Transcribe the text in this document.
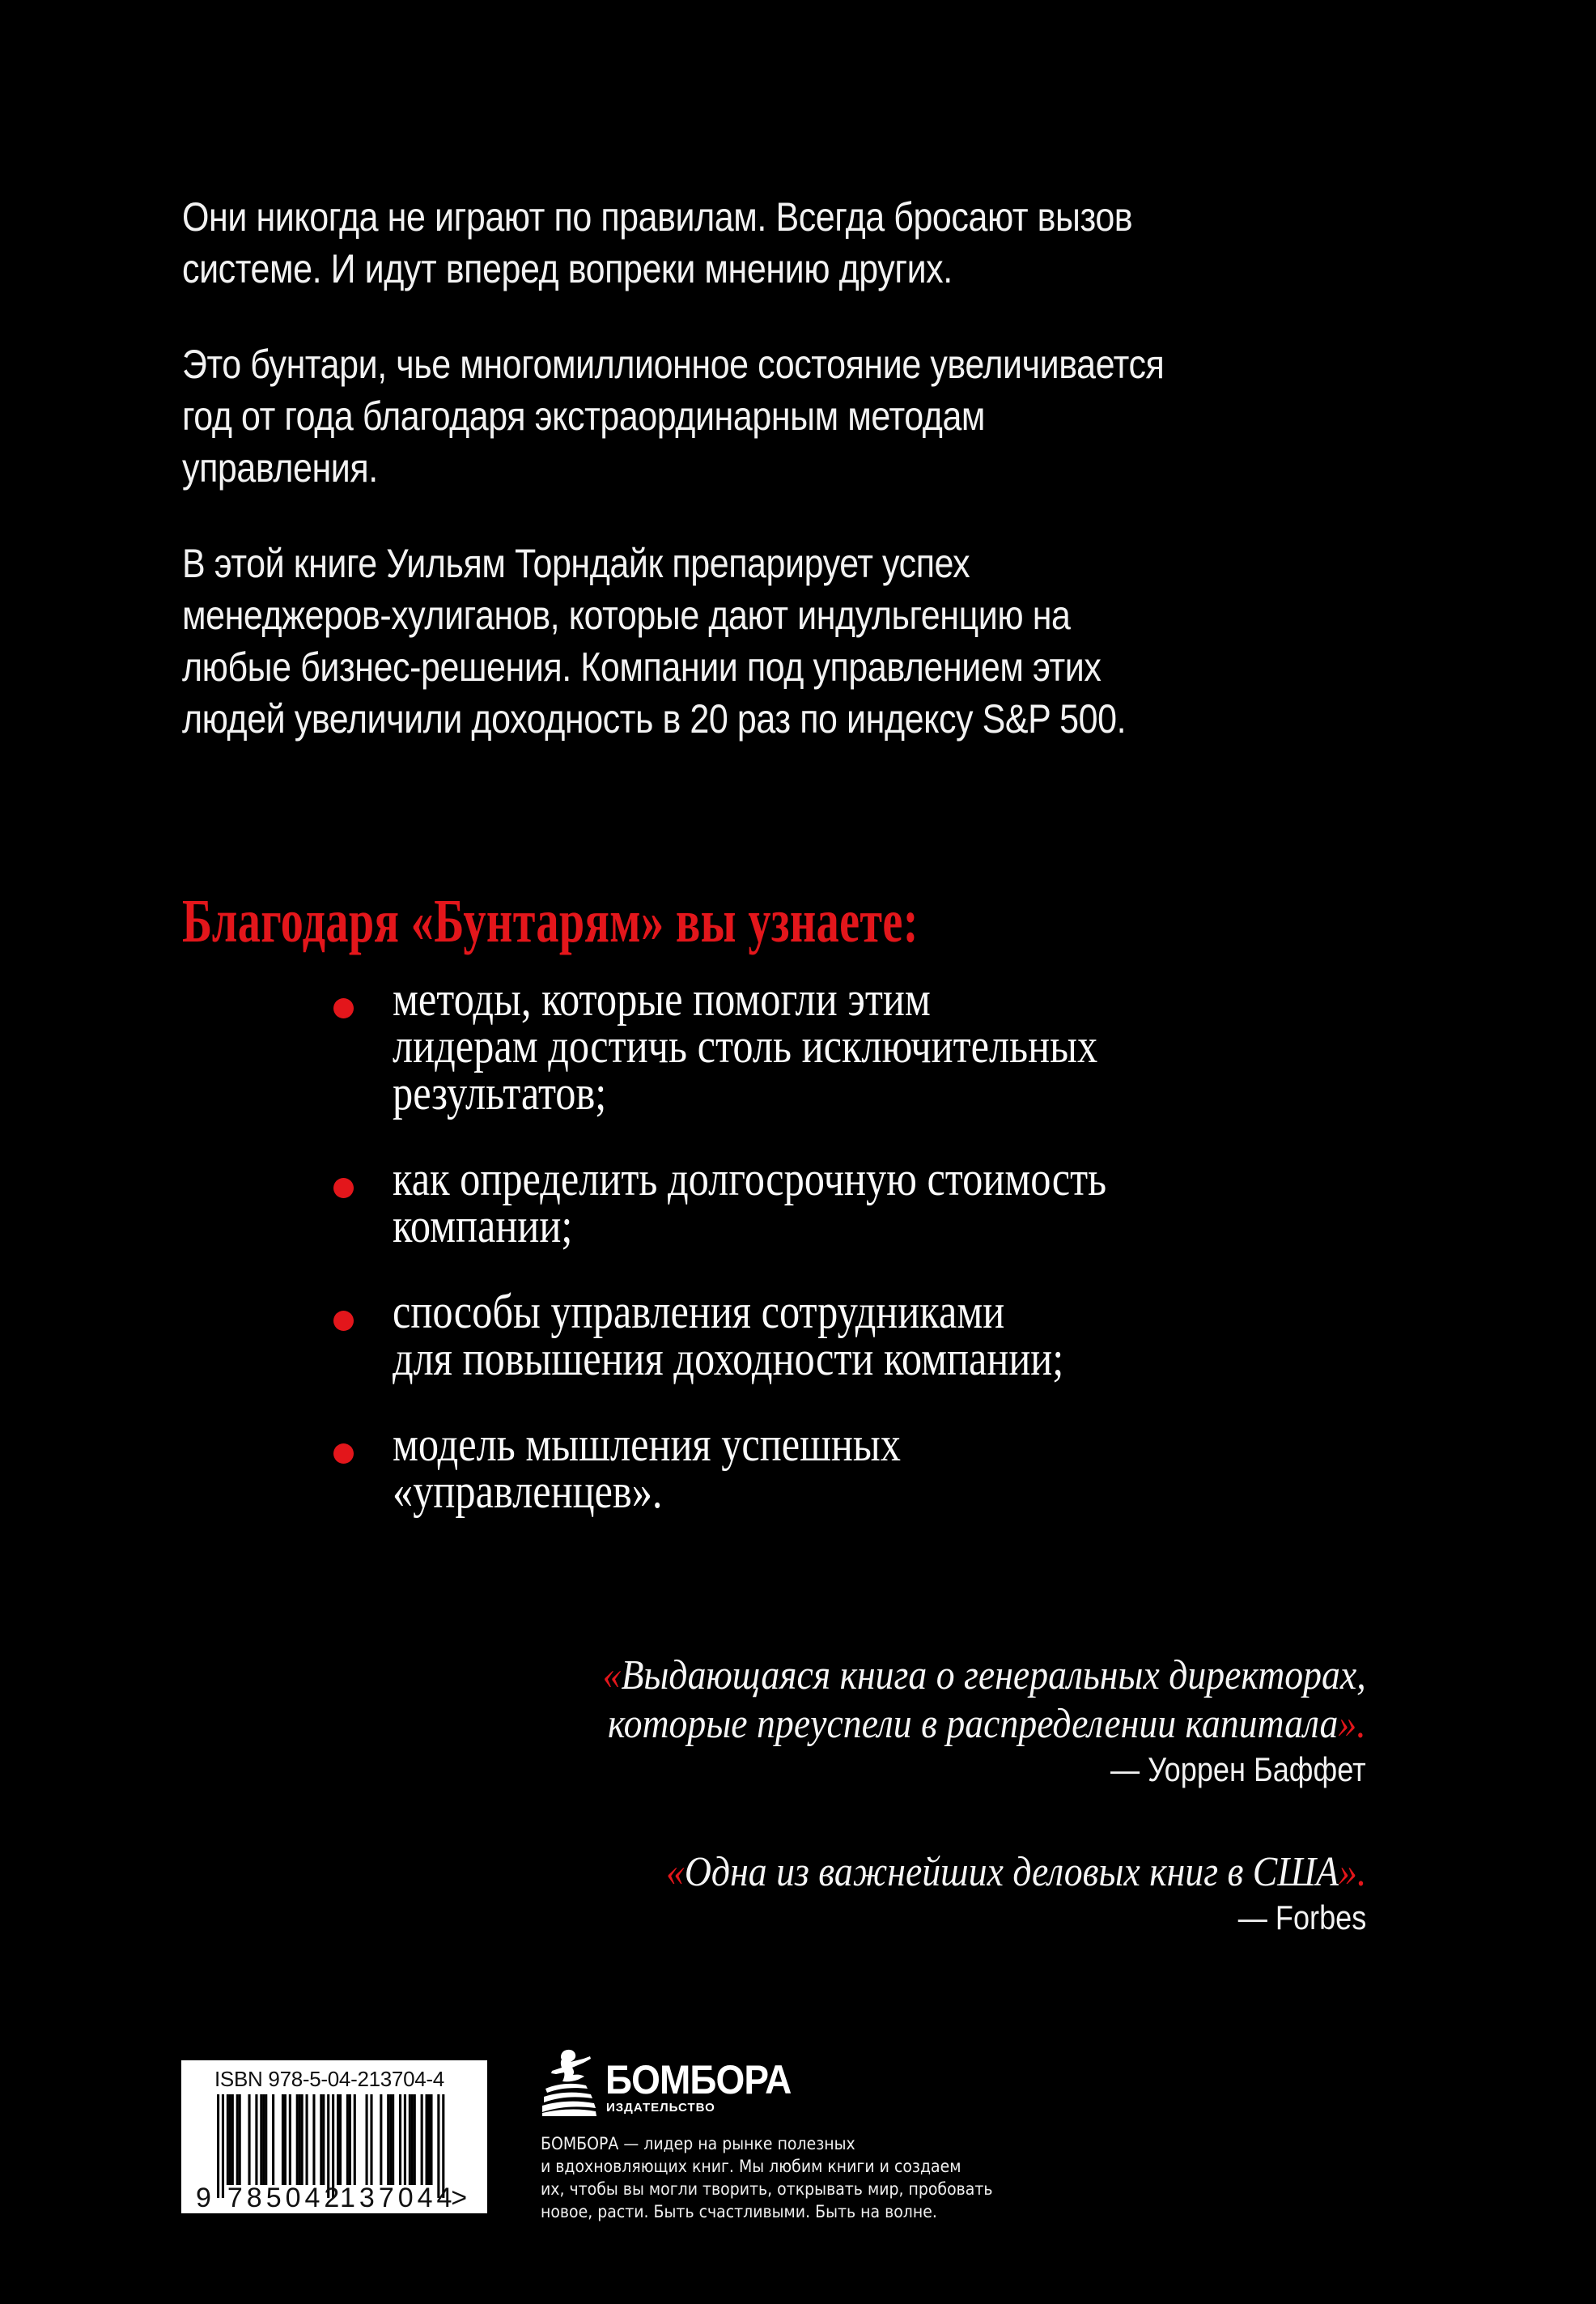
Они никогда не играют по правилам. Всегда бросают вызов
системе. И идут вперед вопреки мнению других.

Это бунтари, чье многомиллионное состояние увеличивается
год от года благодаря экстраординарным методам
управления.

В этой книге Уильям Торндайк препарирует успех
менеджеров-хулиганов, которые дают индульгенцию на
любые бизнес-решения. Компании под управлением этих
людей увеличили доходность в 20 раз по индексу S&P 500.

Благодаря «Бунтарям» вы узнаете:
методы, которые помогли этим
лидерам достичь столь исключительных
результатов;
как определить долгосрочную стоимость
компании;
способы управления сотрудниками
для повышения доходности компании;
модель мышления успешных
«управленцев».
«Выдающаяся книга о генеральных директорах,
которые преуспели в распределении капитала».
— Уоррен Баффет
«Одна из важнейших деловых книг в США».
— Forbes
ISBN 978-5-04-213704-4
9 785042
137044
>
БОМБОРА
ИЗДАТЕЛЬСТВО
БОМБОРА — лидер на рынке полезных
и вдохновляющих книг. Мы любим книги и создаем
их, чтобы вы могли творить, открывать мир, пробовать
новое, расти. Быть счастливыми. Быть на волне.
